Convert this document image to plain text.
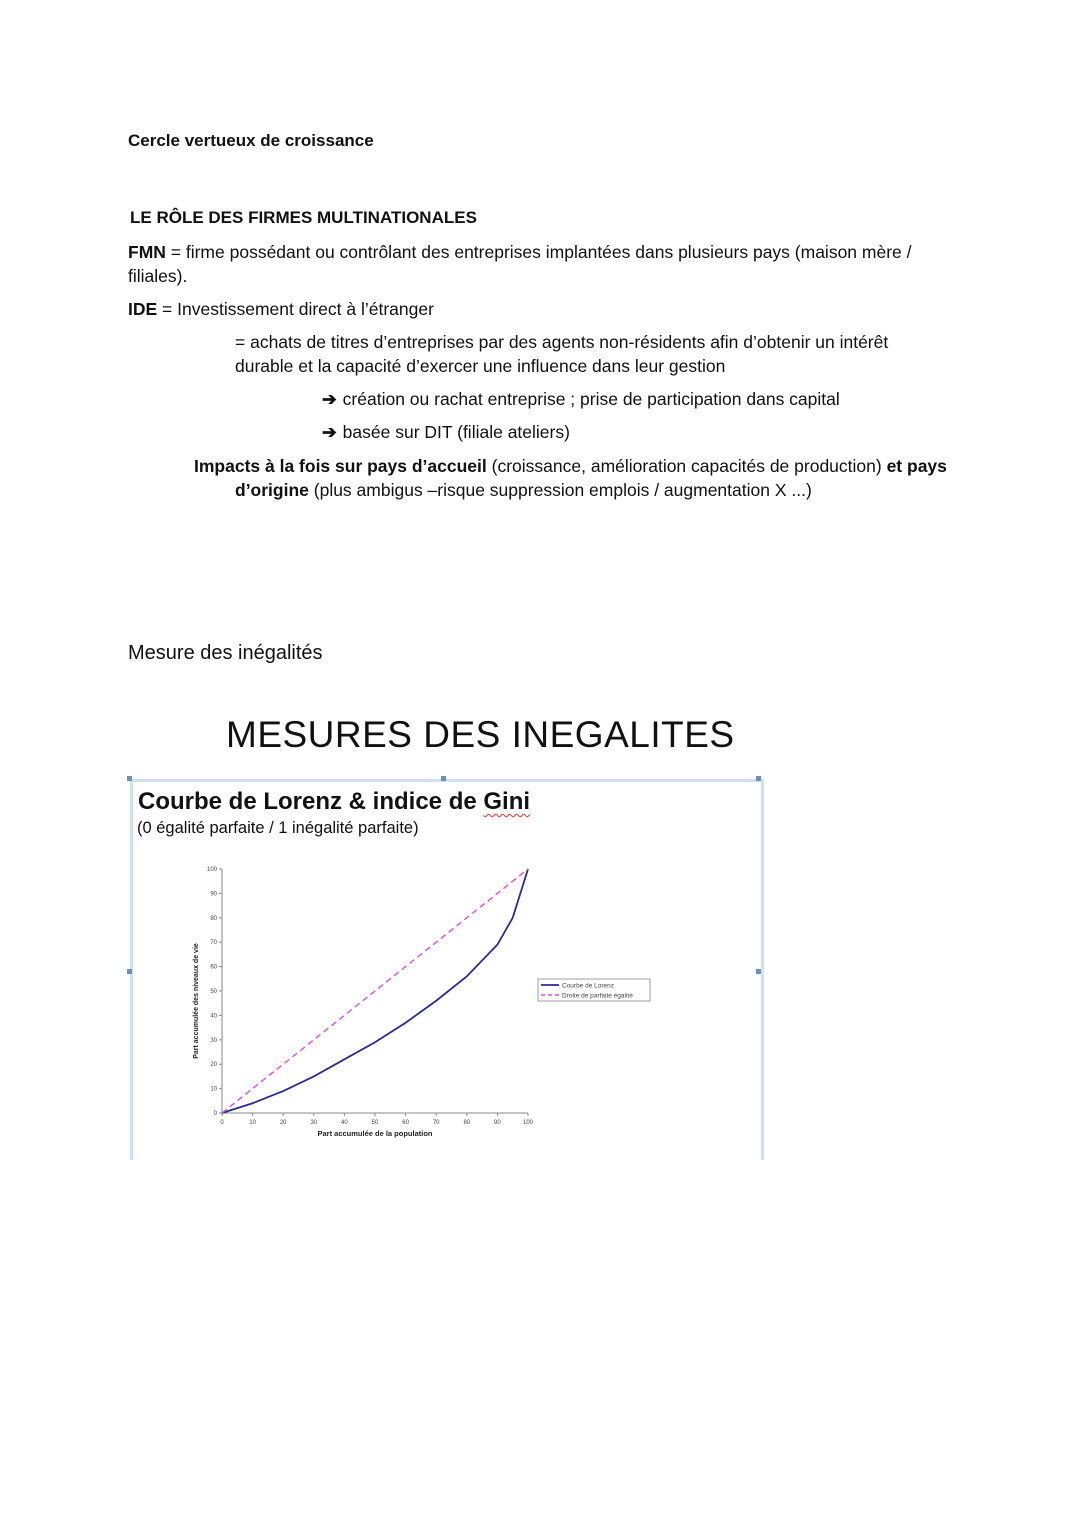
Cercle vertueux de croissance
LE RÔLE DES FIRMES MULTINATIONALES
FMN = firme possédant ou contrôlant des entreprises implantées dans plusieurs pays (maison mère / filiales).
IDE = Investissement direct à l’étranger
= achats de titres d’entreprises par des agents non-résidents afin d’obtenir un intérêt durable et la capacité d’exercer une influence dans leur gestion
➔ création ou rachat entreprise ; prise de participation dans capital
➔ basée sur DIT (filiale ateliers)
Impacts à la fois sur pays d’accueil (croissance, amélioration capacités de production) et pays d’origine (plus ambigus –risque suppression emplois / augmentation X ...)
Mesure des inégalités
MESURES DES INEGALITES
Courbe de Lorenz & indice de Gini
(0 égalité parfaite / 1 inégalité parfaite)
0
10
20
30
40
50
60
70
80
90
100
0	10	20	30	40	50	60	70	80	90	100
Part accumulée de la population
Part accumulée des niveaux de vie	Courbe de Lorenz
Droite de parfaite égalité
